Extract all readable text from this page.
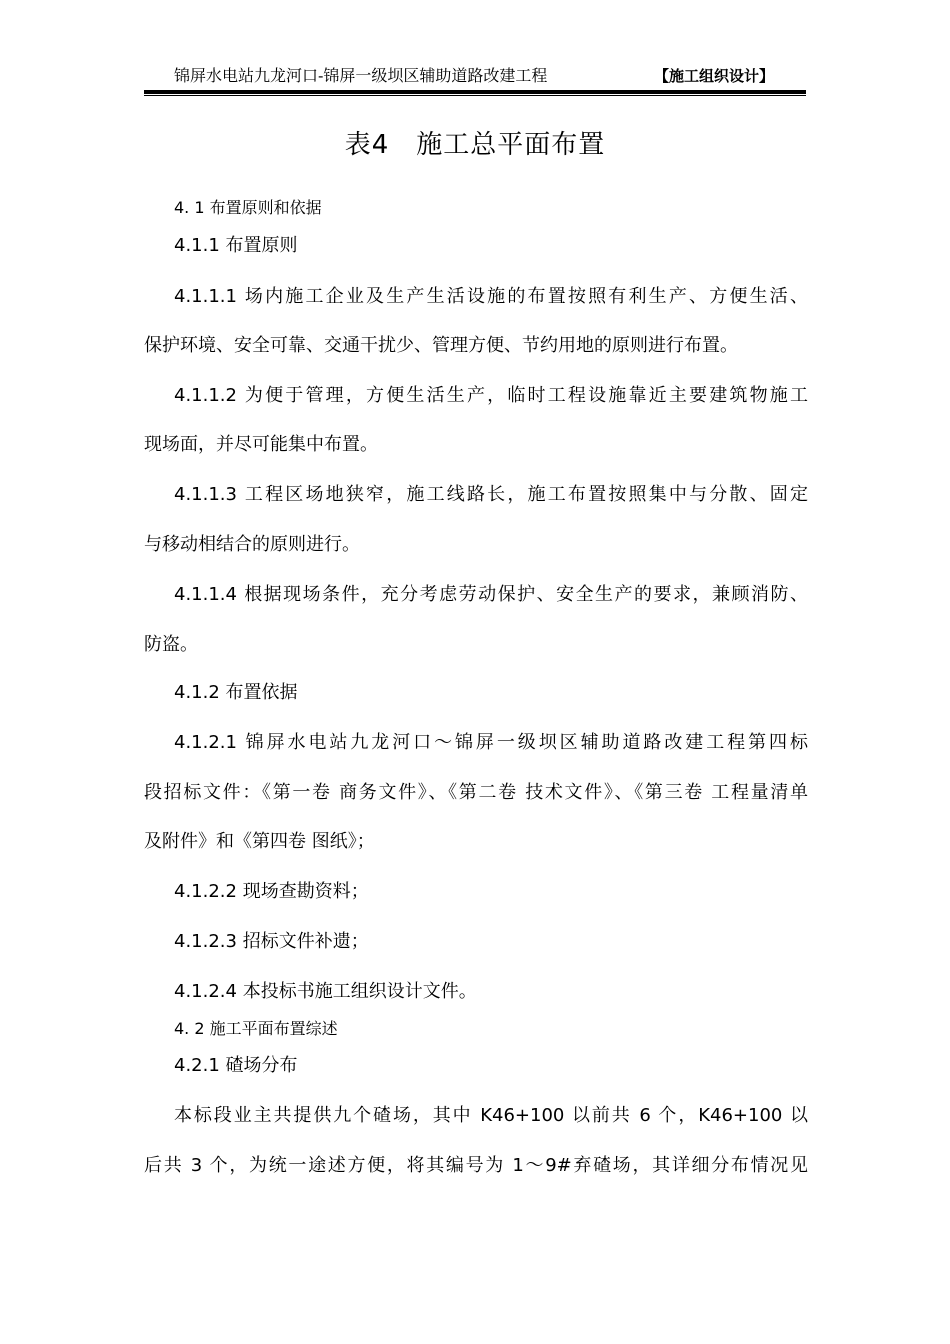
锦屏水电站九龙河口-锦屏一级坝区辅助道路改建工程	【施工组织设计】
表4　施工总平面布置
4. 1 布置原则和依据
4.1.1 布置原则
4.1.1.1 场内施工企业及生产生活设施的布置按照有利生产、方便生活、
保护环境、安全可靠、交通干扰少、管理方便、节约用地的原则进行布置。
4.1.1.2 为便于管理，方便生活生产，临时工程设施靠近主要建筑物施工
现场面，并尽可能集中布置。
4.1.1.3 工程区场地狭窄，施工线路长，施工布置按照集中与分散、固定
与移动相结合的原则进行。
4.1.1.4 根据现场条件，充分考虑劳动保护、安全生产的要求，兼顾消防、
防盗。
4.1.2 布置依据
4.1.2.1 锦屏水电站九龙河口～锦屏一级坝区辅助道路改建工程第四标
段招标文件：《第一卷 商务文件》、《第二卷 技术文件》、《第三卷 工程量清单
及附件》和《第四卷 图纸》；
4.1.2.2 现场查勘资料；
4.1.2.3 招标文件补遗；
4.1.2.4 本投标书施工组织设计文件。
4. 2 施工平面布置综述
4.2.1 碴场分布
本标段业主共提供九个碴场，其中 K46+100 以前共 6 个，K46+100 以
后共 3 个，为统一途述方便，将其编号为 1～9#弃碴场，其详细分布情况见
